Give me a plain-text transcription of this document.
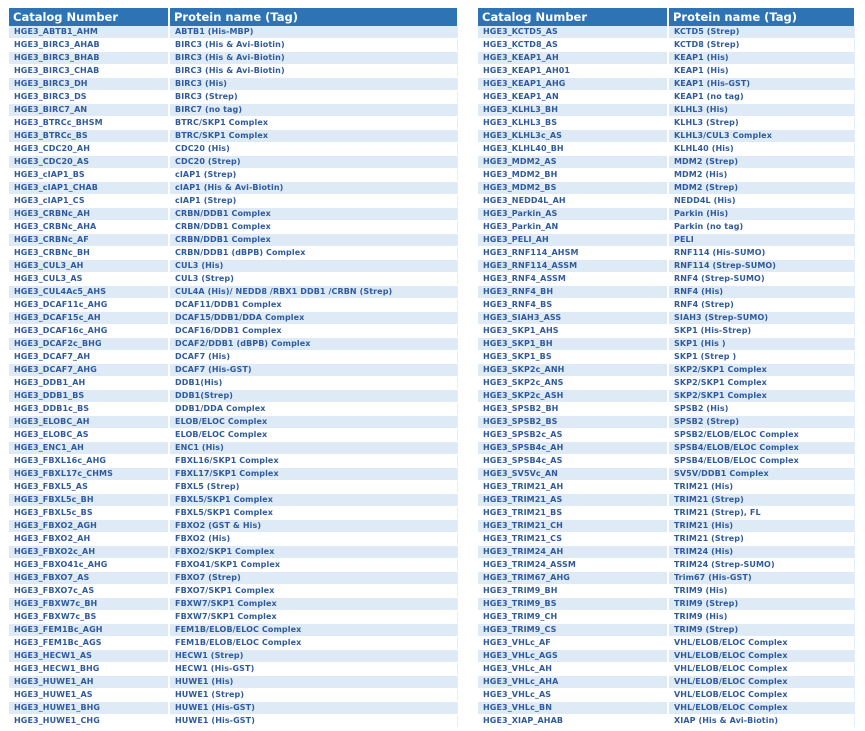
Catalog Number	Protein name (Tag)
HGE3_ABTB1_AHM	ABTB1 (His-MBP)
HGE3_BIRC3_AHAB	BIRC3 (His & Avi-Biotin)
HGE3_BIRC3_BHAB	BIRC3 (His & Avi-Biotin)
HGE3_BIRC3_CHAB	BIRC3 (His & Avi-Biotin)
HGE3_BIRC3_DH	BIRC3 (His)
HGE3_BIRC3_DS	BIRC3 (Strep)
HGE3_BIRC7_AN	BIRC7 (no tag)
HGE3_BTRCc_BHSM	BTRC/SKP1 Complex
HGE3_BTRCc_BS	BTRC/SKP1 Complex
HGE3_CDC20_AH	CDC20 (His)
HGE3_CDC20_AS	CDC20 (Strep)
HGE3_cIAP1_BS	cIAP1 (Strep)
HGE3_cIAP1_CHAB	cIAP1 (His & Avi-Biotin)
HGE3_cIAP1_CS	cIAP1 (Strep)
HGE3_CRBNc_AH	CRBN/DDB1 Complex
HGE3_CRBNc_AHA	CRBN/DDB1 Complex
HGE3_CRBNc_AF	CRBN/DDB1 Complex
HGE3_CRBNc_BH	CRBN/DDB1 (dBPB) Complex
HGE3_CUL3_AH	CUL3 (His)
HGE3_CUL3_AS	CUL3 (Strep)
HGE3_CUL4Ac5_AHS	CUL4A (His)/ NEDD8 /RBX1 DDB1 /CRBN (Strep)
HGE3_DCAF11c_AHG	DCAF11/DDB1 Complex
HGE3_DCAF15c_AH	DCAF15/DDB1/DDA Complex
HGE3_DCAF16c_AHG	DCAF16/DDB1 Complex
HGE3_DCAF2c_BHG	DCAF2/DDB1 (dBPB) Complex
HGE3_DCAF7_AH	DCAF7 (His)
HGE3_DCAF7_AHG	DCAF7 (His-GST)
HGE3_DDB1_AH	DDB1(His)
HGE3_DDB1_BS	DDB1(Strep)
HGE3_DDB1c_BS	DDB1/DDA Complex
HGE3_ELOBC_AH	ELOB/ELOC Complex
HGE3_ELOBC_AS	ELOB/ELOC Complex
HGE3_ENC1_AH	ENC1 (His)
HGE3_FBXL16c_AHG	FBXL16/SKP1 Complex
HGE3_FBXL17c_CHMS	FBXL17/SKP1 Complex
HGE3_FBXL5_AS	FBXL5 (Strep)
HGE3_FBXL5c_BH	FBXL5/SKP1 Complex
HGE3_FBXL5c_BS	FBXL5/SKP1 Complex
HGE3_FBXO2_AGH	FBXO2 (GST & His)
HGE3_FBXO2_AH	FBXO2 (His)
HGE3_FBXO2c_AH	FBXO2/SKP1 Complex
HGE3_FBXO41c_AHG	FBXO41/SKP1 Complex
HGE3_FBXO7_AS	FBXO7 (Strep)
HGE3_FBXO7c_AS	FBXO7/SKP1 Complex
HGE3_FBXW7c_BH	FBXW7/SKP1 Complex
HGE3_FBXW7c_BS	FBXW7/SKP1 Complex
HGE3_FEM1Bc_AGH	FEM1B/ELOB/ELOC Complex
HGE3_FEM1Bc_AGS	FEM1B/ELOB/ELOC Complex
HGE3_HECW1_AS	HECW1 (Strep)
HGE3_HECW1_BHG	HECW1 (His-GST)
HGE3_HUWE1_AH	HUWE1 (His)
HGE3_HUWE1_AS	HUWE1 (Strep)
HGE3_HUWE1_BHG	HUWE1 (His-GST)
HGE3_HUWE1_CHG	HUWE1 (His-GST)
Catalog Number	Protein name (Tag)
HGE3_KCTD5_AS	KCTD5 (Strep)
HGE3_KCTD8_AS	KCTD8 (Strep)
HGE3_KEAP1_AH	KEAP1 (His)
HGE3_KEAP1_AH01	KEAP1 (His)
HGE3_KEAP1_AHG	KEAP1 (His-GST)
HGE3_KEAP1_AN	KEAP1 (no tag)
HGE3_KLHL3_BH	KLHL3 (His)
HGE3_KLHL3_BS	KLHL3 (Strep)
HGE3_KLHL3c_AS	KLHL3/CUL3 Complex
HGE3_KLHL40_BH	KLHL40 (His)
HGE3_MDM2_AS	MDM2 (Strep)
HGE3_MDM2_BH	MDM2 (His)
HGE3_MDM2_BS	MDM2 (Strep)
HGE3_NEDD4L_AH	NEDD4L (His)
HGE3_Parkin_AS	Parkin (His)
HGE3_Parkin_AN	Parkin (no tag)
HGE3_PELI_AH	PELI
HGE3_RNF114_AHSM	RNF114 (His-SUMO)
HGE3_RNF114_ASSM	RNF114 (Strep-SUMO)
HGE3_RNF4_ASSM	RNF4 (Strep-SUMO)
HGE3_RNF4_BH	RNF4 (His)
HGE3_RNF4_BS	RNF4 (Strep)
HGE3_SIAH3_ASS	SIAH3 (Strep-SUMO)
HGE3_SKP1_AHS	SKP1 (His-Strep)
HGE3_SKP1_BH	SKP1 (His )
HGE3_SKP1_BS	SKP1 (Strep )
HGE3_SKP2c_ANH	SKP2/SKP1 Complex
HGE3_SKP2c_ANS	SKP2/SKP1 Complex
HGE3_SKP2c_ASH	SKP2/SKP1 Complex
HGE3_SPSB2_BH	SPSB2 (His)
HGE3_SPSB2_BS	SPSB2 (Strep)
HGE3_SPSB2c_AS	SPSB2/ELOB/ELOC Complex
HGE3_SPSB4c_AH	SPSB4/ELOB/ELOC Complex
HGE3_SPSB4c_AS	SPSB4/ELOB/ELOC Complex
HGE3_SV5Vc_AN	SV5V/DDB1 Complex
HGE3_TRIM21_AH	TRIM21 (His)
HGE3_TRIM21_AS	TRIM21 (Strep)
HGE3_TRIM21_BS	TRIM21 (Strep), FL
HGE3_TRIM21_CH	TRIM21 (His)
HGE3_TRIM21_CS	TRIM21 (Strep)
HGE3_TRIM24_AH	TRIM24 (His)
HGE3_TRIM24_ASSM	TRIM24 (Strep-SUMO)
HGE3_TRIM67_AHG	Trim67 (His-GST)
HGE3_TRIM9_BH	TRIM9 (His)
HGE3_TRIM9_BS	TRIM9 (Strep)
HGE3_TRIM9_CH	TRIM9 (His)
HGE3_TRIM9_CS	TRIM9 (Strep)
HGE3_VHLc_AF	VHL/ELOB/ELOC Complex
HGE3_VHLc_AGS	VHL/ELOB/ELOC Complex
HGE3_VHLc_AH	VHL/ELOB/ELOC Complex
HGE3_VHLc_AHA	VHL/ELOB/ELOC Complex
HGE3_VHLc_AS	VHL/ELOB/ELOC Complex
HGE3_VHLc_BN	VHL/ELOB/ELOC Complex
HGE3_XIAP_AHAB	XIAP (His & Avi-Biotin)
